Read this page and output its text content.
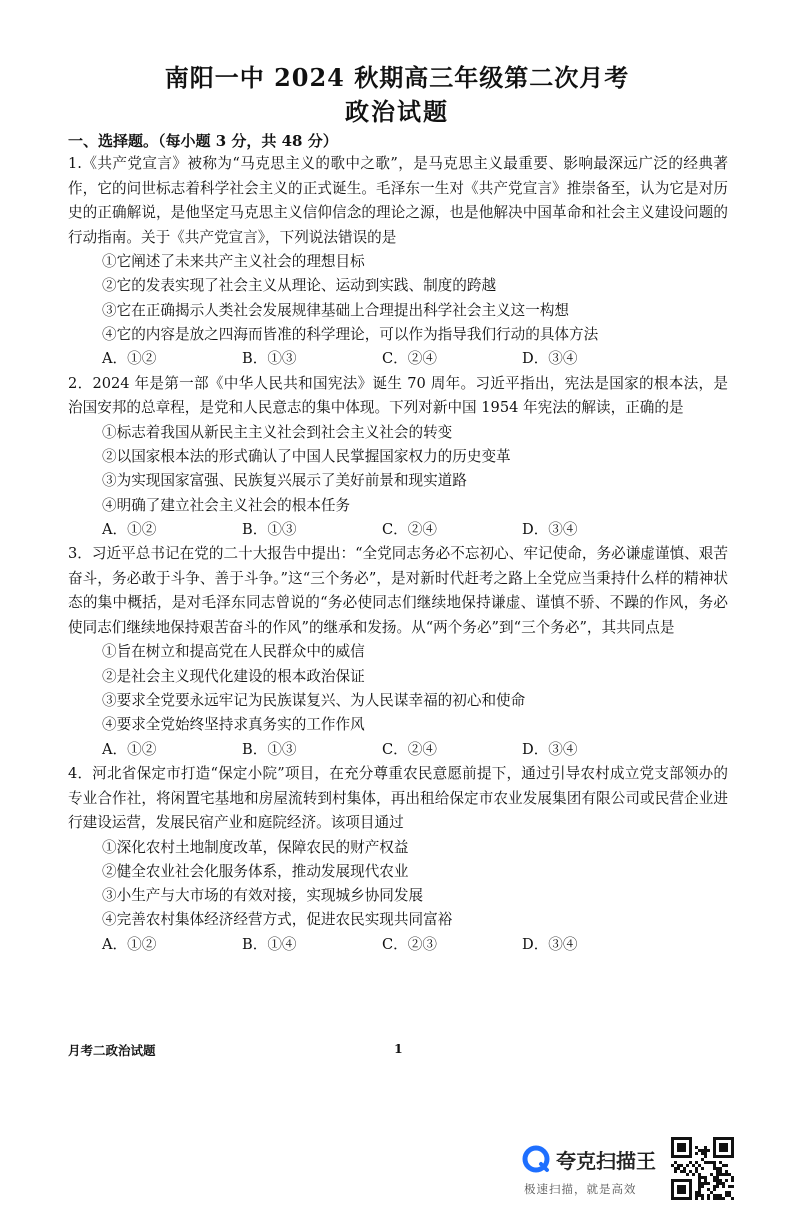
南阳一中 2024 秋期高三年级第二次月考
政治试题
一、选择题。（每小题 3 分，共 48 分）

1.《共产党宣言》被称为“马克思主义的歌中之歌”，是马克思主义最重要、影响最深远广泛的经典著作，它的问世标志着科学社会主义的正式诞生。毛泽东一生对《共产党宣言》推崇备至，认为它是对历史的正确解说，是他坚定马克思主义信仰信念的理论之源，也是他解决中国革命和社会主义建设问题的行动指南。关于《共产党宣言》，下列说法错误的是

①它阐述了未来共产主义社会的理想目标
②它的发表实现了社会主义从理论、运动到实践、制度的跨越
③它在正确揭示人类社会发展规律基础上合理提出科学社会主义这一构想
④它的内容是放之四海而皆准的科学理论，可以作为指导我们行动的具体方法
A．①②	B．①③	C．②④	D．③④

2．2024 年是第一部《中华人民共和国宪法》诞生 70 周年。习近平指出，宪法是国家的根本法，是治国安邦的总章程，是党和人民意志的集中体现。下列对新中国 1954 年宪法的解读，正确的是

①标志着我国从新民主主义社会到社会主义社会的转变
②以国家根本法的形式确认了中国人民掌握国家权力的历史变革
③为实现国家富强、民族复兴展示了美好前景和现实道路
④明确了建立社会主义社会的根本任务
A．①②	B．①③	C．②④	D．③④

3．习近平总书记在党的二十大报告中提出：“全党同志务必不忘初心、牢记使命，务必谦虚谨慎、艰苦奋斗，务必敢于斗争、善于斗争。”这“三个务必”，是对新时代赶考之路上全党应当秉持什么样的精神状态的集中概括，是对毛泽东同志曾说的“务必使同志们继续地保持谦虚、谨慎不骄、不躁的作风，务必使同志们继续地保持艰苦奋斗的作风”的继承和发扬。从“两个务必”到“三个务必”，其共同点是

①旨在树立和提高党在人民群众中的威信
②是社会主义现代化建设的根本政治保证
③要求全党要永远牢记为民族谋复兴、为人民谋幸福的初心和使命
④要求全党始终坚持求真务实的工作作风
A．①②	B．①③	C．②④	D．③④

4．河北省保定市打造“保定小院”项目，在充分尊重农民意愿前提下，通过引导农村成立党支部领办的专业合作社，将闲置宅基地和房屋流转到村集体，再出租给保定市农业发展集团有限公司或民营企业进行建设运营，发展民宿产业和庭院经济。该项目通过

①深化农村土地制度改革，保障农民的财产权益
②健全农业社会化服务体系，推动发展现代农业
③小生产与大市场的有效对接，实现城乡协同发展
④完善农村集体经济经营方式，促进农民实现共同富裕
A．①②	B．①④	C．②③	D．③④
月考二政治试题	1
夸克扫描王
极速扫描，就是高效
